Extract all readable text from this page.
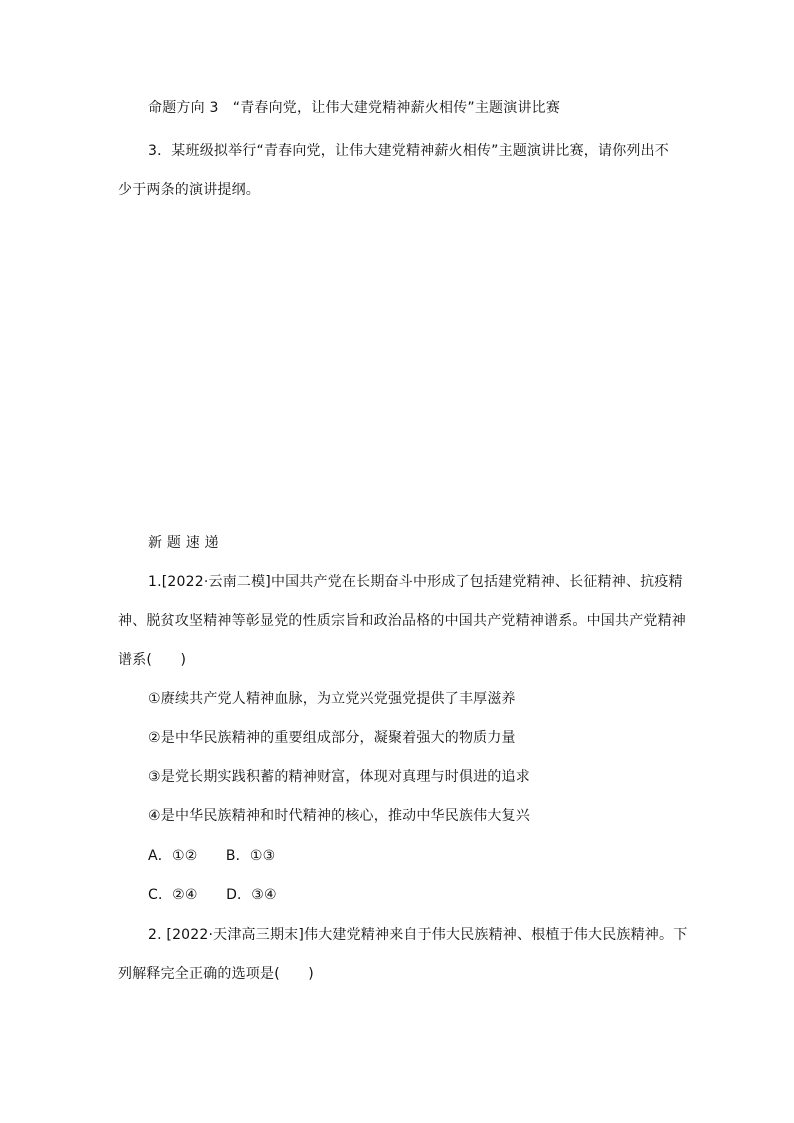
命题方向 3　“青春向党，让伟大建党精神薪火相传”主题演讲比赛
3．某班级拟举行“青春向党，让伟大建党精神薪火相传”主题演讲比赛，请你列出不
少于两条的演讲提纲。
新 题 速 递
1.[2022·云南二模]中国共产党在长期奋斗中形成了包括建党精神、长征精神、抗疫精
神、脱贫攻坚精神等彰显党的性质宗旨和政治品格的中国共产党精神谱系。中国共产党精神
谱系(　　)
①赓续共产党人精神血脉，为立党兴党强党提供了丰厚滋养
②是中华民族精神的重要组成部分，凝聚着强大的物质力量
③是党长期实践积蓄的精神财富，体现对真理与时俱进的追求
④是中华民族精神和时代精神的核心，推动中华民族伟大复兴
A．①②　　B．①③
C．②④　　D．③④
2. [2022·天津高三期末]伟大建党精神来自于伟大民族精神、根植于伟大民族精神。下
列解释完全正确的选项是(　　)
